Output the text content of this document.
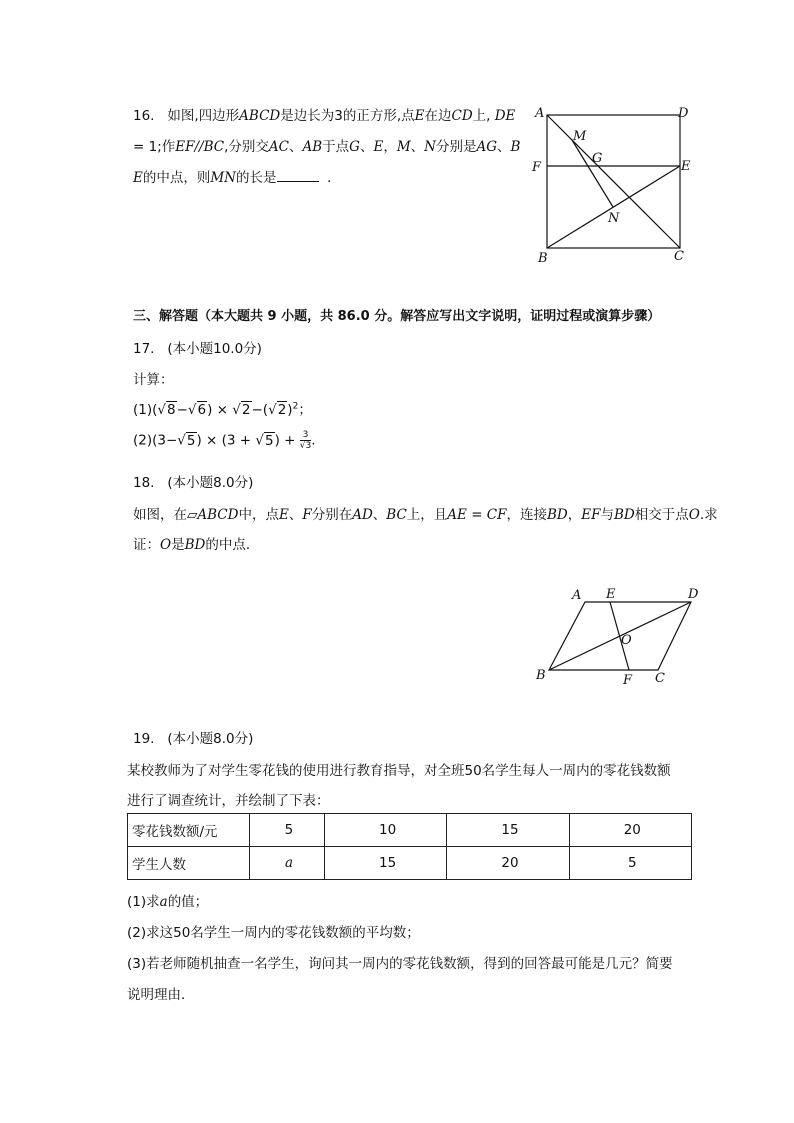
16. 如图,四边形ABCD是边长为3的正方形,点E在边CD上, DE
= 1;作EF//BC,分别交AC、AB于点G、E，M、N分别是AG、B
E的中点，则MN的长是	．
A	D
M
G
F	E
N
B	C
三、解答题（本大题共 9 小题，共 86.0 分。解答应写出文字说明，证明过程或演算步骤）
17. (本小题10.0分)
计算：
$(1)(√8-√6) \times √2-(√2)^2$；
$(2)(3-√5) \times (3 + √5) + \frac{3}{√3}$ .
18. (本小题8.0分)
如图，在▱ABCD中，点E、F分别在AD、BC上，且AE = CF，连接BD，EF与BD相交于点O.求
证：O是BD的中点．
A E	D
O
B	F C
19. (本小题8.0分)
某校教师为了对学生零花钱的使用进行教育指导，对全班50名学生每人一周内的零花钱数额
进行了调查统计，并绘制了下表：
零花钱数额/元	5	10	15	20
学生人数	a	15	20	5
(1)求a的值；
(2)求这50名学生一周内的零花钱数额的平均数；
(3)若老师随机抽查一名学生，询问其一周内的零花钱数额，得到的回答最可能是几元？简要
说明理由．
